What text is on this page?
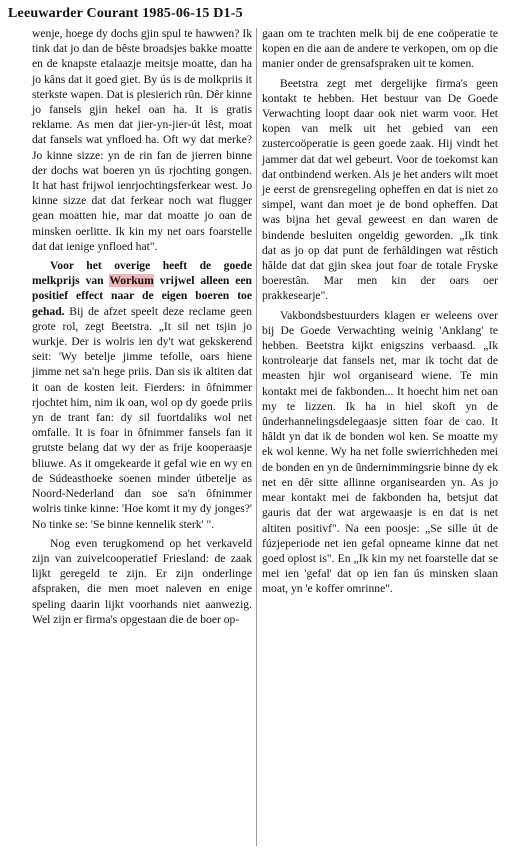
Leeuwarder Courant 1985-06-15 D1-5

wenje, hoege dy dochs gjin spul te hawwen? Ik tink dat jo dan de bêste broadsjes bakke moatte en de knapste etalaazje meitsje moatte, dan ha jo kâns dat it goed giet. By ús is de molkpriis it sterkste wapen. Dat is plesierich rûn. Dêr kinne jo fansels gjin hekel oan ha. It is gratis reklame. As men dat jier-yn-jier-út lêst, moat dat fansels wat ynfloed ha. Oft wy dat merke? Jo kinne sizze: yn de rin fan de jierren binne der dochs wat boeren yn ús rjochting gongen. It hat hast frijwol ienrjochtingsferkear west. Jo kinne sizze dat dat ferkear noch wat flugger gean moatten hie, mar dat moatte jo oan de minsken oerlitte. Ik kin my net oars foarstelle dat dat ienige ynfloed hat".

Voor het overige heeft de goede melkprijs van Workum vrijwel alleen een positief effect naar de eigen boeren toe gehad. Bij de afzet speelt deze reclame geen grote rol, zegt Beetstra. „It sil net tsjin jo wurkje. Der is wolris ien dy't wat gekskerend seit: 'Wy betelje jimme tefolle, oars hiene jimme net sa'n hege priis. Dan sis ik altiten dat it oan de kosten leit. Fierders: in ôfnimmer rjochtet him, nim ik oan, wol op dy goede priis yn de trant fan: dy sil fuortdaliks wol net omfalle. It is foar in ôfnimmer fansels fan it grutste belang dat wy der as frije kooperaasje bliuwe. As it omgekearde it gefal wie en wy en de Súdeasthoeke soenen minder útbetelje as Noord-Nederland dan soe sa'n ôfnimmer wolris tinke kinne: 'Hoe komt it my dy jonges?' No tinke se: 'Se binne kennelik sterk' ".

Nog even terugkomend op het verkaveld zijn van zuivelcooperatief Friesland: de zaak lijkt geregeld te zijn. Er zijn onderlinge afspraken, die men moet naleven en enige speling daarin lijkt voorhands niet aanwezig. Wel zijn er firma's opgestaan die de boer op-

gaan om te trachten melk bij de ene coöperatie te kopen en die aan de andere te verkopen, om op die manier onder de grensafspraken uit te komen.

Beetstra zegt met dergelijke firma's geen kontakt te hebben. Het bestuur van De Goede Verwachting loopt daar ook niet warm voor. Het kopen van melk uit het gebied van een zustercoöperatie is geen goede zaak. Hij vindt het jammer dat dat wel gebeurt. Voor de toekomst kan dat ontbindend werken. Als je het anders wilt moet je eerst de grensregeling opheffen en dat is niet zo simpel, want dan moet je de bond opheffen. Dat was bijna het geval geweest en dan waren de bindende besluiten ongeldig geworden. „Ik tink dat as jo op dat punt de ferhâldingen wat rêstich hâlde dat dat gjin skea jout foar de totale Fryske boerestân. Mar men kin der oars oer prakkesearje".

Vakbondsbestuurders klagen er weleens over bij De Goede Verwachting weinig 'Anklang' te hebben. Beetstra kijkt enigszins verbaasd. „Ik kontrolearje dat fansels net, mar ik tocht dat de measten hjir wol organiseard wiene. Te min kontakt mei de fakbonden... It hoecht him net oan my te lizzen. Ik ha in hiel skoft yn de ûnderhannelingsdelegaasje sitten foar de cao. It hâldt yn dat ik de bonden wol ken. Se moatte my ek wol kenne. Wy ha net folle swierrichheden mei de bonden en yn de ûndernimmingsrie binne dy ek net en dêr sitte allinne organisearden yn. As jo mear kontakt mei de fakbonden ha, betsjut dat gauris dat der wat argewaasje is en dat is net altiten positivf". Na een poosje: „Se sille út de fúzjeperiode net ien gefal opneame kinne dat net goed oplost is". En „Ik kin my net foarstelle dat se mei ien 'gefal' dat op ien fan ús minsken slaan moat, yn 'e koffer omrinne".
